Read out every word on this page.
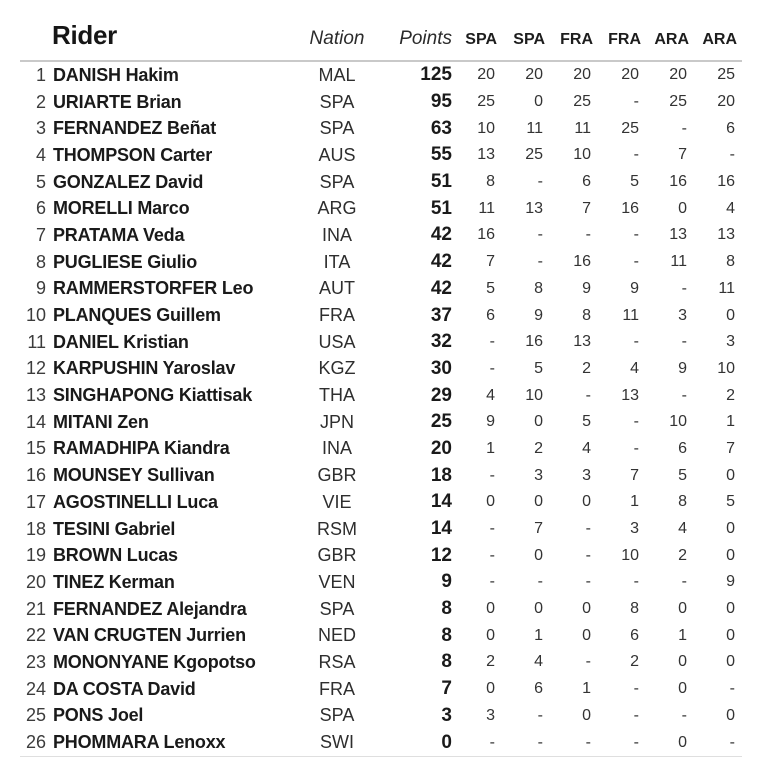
	Rider	Nation	Points	SPA	SPA	FRA	FRA	ARA	ARA
1	DANISH Hakim	MAL	125	20	20	20	20	20	25
2	URIARTE Brian	SPA	95	25	0	25	-	25	20
3	FERNANDEZ Beñat	SPA	63	10	11	11	25	-	6
4	THOMPSON Carter	AUS	55	13	25	10	-	7	-
5	GONZALEZ David	SPA	51	8	-	6	5	16	16
6	MORELLI Marco	ARG	51	11	13	7	16	0	4
7	PRATAMA Veda	INA	42	16	-	-	-	13	13
8	PUGLIESE Giulio	ITA	42	7	-	16	-	11	8
9	RAMMERSTORFER Leo	AUT	42	5	8	9	9	-	11
10	PLANQUES Guillem	FRA	37	6	9	8	11	3	0
11	DANIEL Kristian	USA	32	-	16	13	-	-	3
12	KARPUSHIN Yaroslav	KGZ	30	-	5	2	4	9	10
13	SINGHAPONG Kiattisak	THA	29	4	10	-	13	-	2
14	MITANI Zen	JPN	25	9	0	5	-	10	1
15	RAMADHIPA Kiandra	INA	20	1	2	4	-	6	7
16	MOUNSEY Sullivan	GBR	18	-	3	3	7	5	0
17	AGOSTINELLI Luca	VIE	14	0	0	0	1	8	5
18	TESINI Gabriel	RSM	14	-	7	-	3	4	0
19	BROWN Lucas	GBR	12	-	0	-	10	2	0
20	TINEZ Kerman	VEN	9	-	-	-	-	-	9
21	FERNANDEZ Alejandra	SPA	8	0	0	0	8	0	0
22	VAN CRUGTEN Jurrien	NED	8	0	1	0	6	1	0
23	MONONYANE Kgopotso	RSA	8	2	4	-	2	0	0
24	DA COSTA David	FRA	7	0	6	1	-	0	-
25	PONS Joel	SPA	3	3	-	0	-	-	0
26	PHOMMARA Lenoxx	SWI	0	-	-	-	-	0	-
